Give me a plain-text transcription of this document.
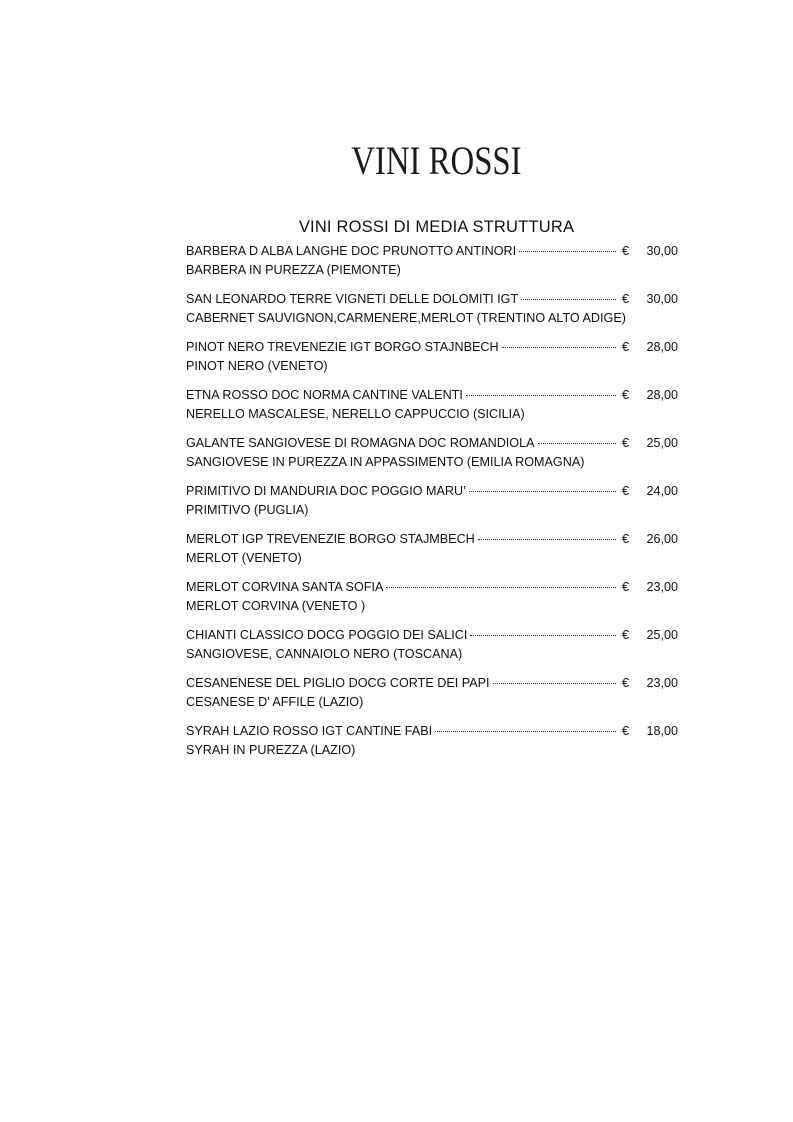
VINI ROSSI
VINI ROSSI DI MEDIA STRUTTURA
BARBERA D ALBA LANGHE DOC PRUNOTTO ANTINORI	€	30,00
BARBERA IN PUREZZA (PIEMONTE)
SAN LEONARDO TERRE VIGNETI DELLE DOLOMITI IGT	€	30,00
CABERNET SAUVIGNON,CARMENERE,MERLOT (TRENTINO ALTO ADIGE)
PINOT NERO TREVENEZIE IGT BORGO STAJNBECH	€	28,00
PINOT NERO (VENETO)
ETNA ROSSO DOC NORMA CANTINE VALENTI	€	28,00
NERELLO MASCALESE, NERELLO CAPPUCCIO (SICILIA)
GALANTE SANGIOVESE DI ROMAGNA DOC ROMANDIOLA	€	25,00
SANGIOVESE IN PUREZZA IN APPASSIMENTO (EMILIA ROMAGNA)
PRIMITIVO DI MANDURIA DOC POGGIO MARU’	€	24,00
PRIMITIVO (PUGLIA)
MERLOT IGP TREVENEZIE BORGO STAJMBECH	€	26,00
MERLOT (VENETO)
MERLOT CORVINA SANTA SOFIA	€	23,00
MERLOT CORVINA (VENETO )
CHIANTI CLASSICO DOCG POGGIO DEI SALICI	€	25,00
SANGIOVESE, CANNAIOLO NERO (TOSCANA)
CESANENESE DEL PIGLIO DOCG CORTE DEI PAPI	€	23,00
CESANESE D’ AFFILE (LAZIO)
SYRAH LAZIO ROSSO IGT CANTINE FABI	€	18,00
SYRAH IN PUREZZA (LAZIO)
